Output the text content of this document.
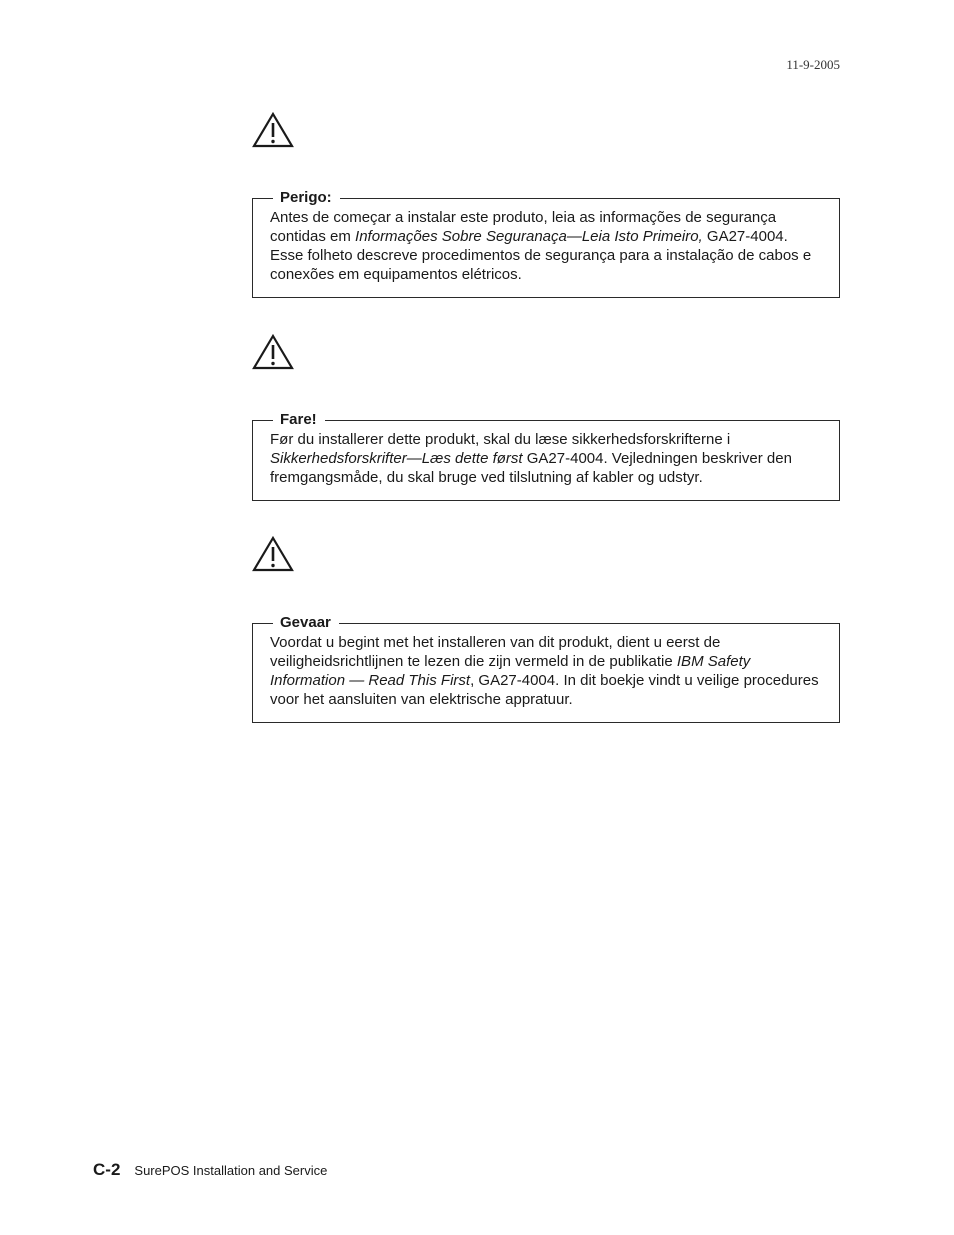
11-9-2005
Perigo:
Antes de começar a instalar este produto, leia as informações de segurança contidas em Informações Sobre Seguranaça—Leia Isto Primeiro, GA27-4004. Esse folheto descreve procedimentos de segurança para a instalação de cabos e conexões em equipamentos elétricos.
Fare!
Før du installerer dette produkt, skal du læse sikkerhedsforskrifterne i Sikkerhedsforskrifter—Læs dette først GA27-4004. Vejledningen beskriver den fremgangsmåde, du skal bruge ved tilslutning af kabler og udstyr.
Gevaar
Voordat u begint met het installeren van dit produkt, dient u eerst de veiligheidsrichtlijnen te lezen die zijn vermeld in de publikatie IBM Safety Information — Read This First, GA27-4004. In dit boekje vindt u veilige procedures voor het aansluiten van elektrische appratuur.
C-2 SurePOS Installation and Service
